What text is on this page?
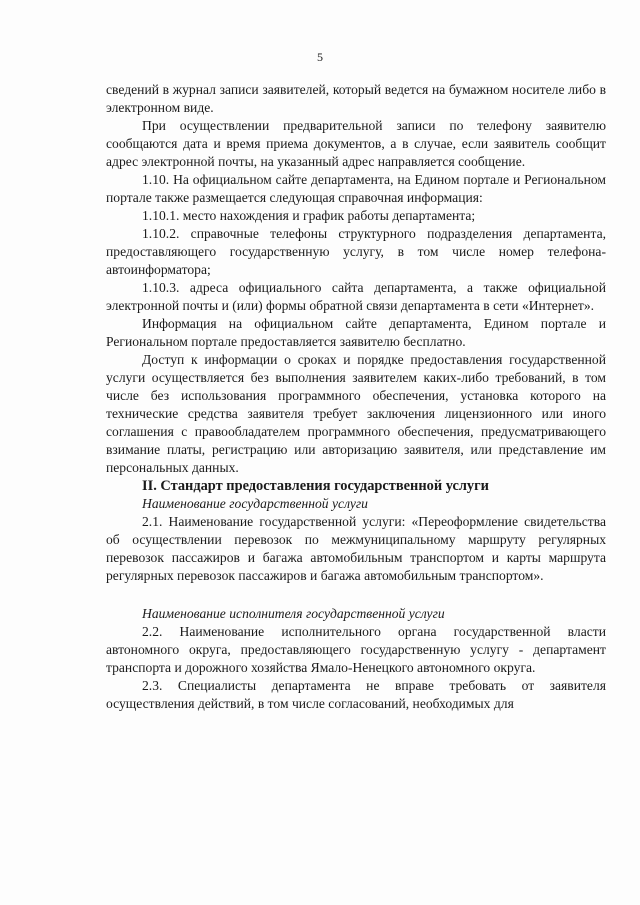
5

сведений в журнал записи заявителей, который ведется на бумажном носителе либо в электронном виде.

При осуществлении предварительной записи по телефону заявителю сообщаются дата и время приема документов, а в случае, если заявитель сообщит адрес электронной почты, на указанный адрес направляется сообщение.

1.10. На официальном сайте департамента, на Едином портале и Региональном портале также размещается следующая справочная информация:

1.10.1. место нахождения и график работы департамента;

1.10.2. справочные телефоны структурного подразделения департамента, предоставляющего государственную услугу, в том числе номер телефона-автоинформатора;

1.10.3. адреса официального сайта департамента, а также официальной электронной почты и (или) формы обратной связи департамента в сети «Интернет».

Информация на официальном сайте департамента, Едином портале и Региональном портале предоставляется заявителю бесплатно.

Доступ к информации о сроках и порядке предоставления государственной услуги осуществляется без выполнения заявителем каких-либо требований, в том числе без использования программного обеспечения, установка которого на технические средства заявителя требует заключения лицензионного или иного соглашения с правообладателем программного обеспечения, предусматривающего взимание платы, регистрацию или авторизацию заявителя, или представление им персональных данных.

II. Стандарт предоставления государственной услуги

Наименование государственной услуги

2.1. Наименование государственной услуги: «Переоформление свидетельства об осуществлении перевозок по межмуниципальному маршруту регулярных перевозок пассажиров и багажа автомобильным транспортом и карты маршрута регулярных перевозок пассажиров и багажа автомобильным транспортом».

Наименование исполнителя государственной услуги

2.2. Наименование исполнительного органа государственной власти автономного округа, предоставляющего государственную услугу - департамент транспорта и дорожного хозяйства Ямало-Ненецкого автономного округа.

2.3. Специалисты департамента не вправе требовать от заявителя осуществления действий, в том числе согласований, необходимых для
